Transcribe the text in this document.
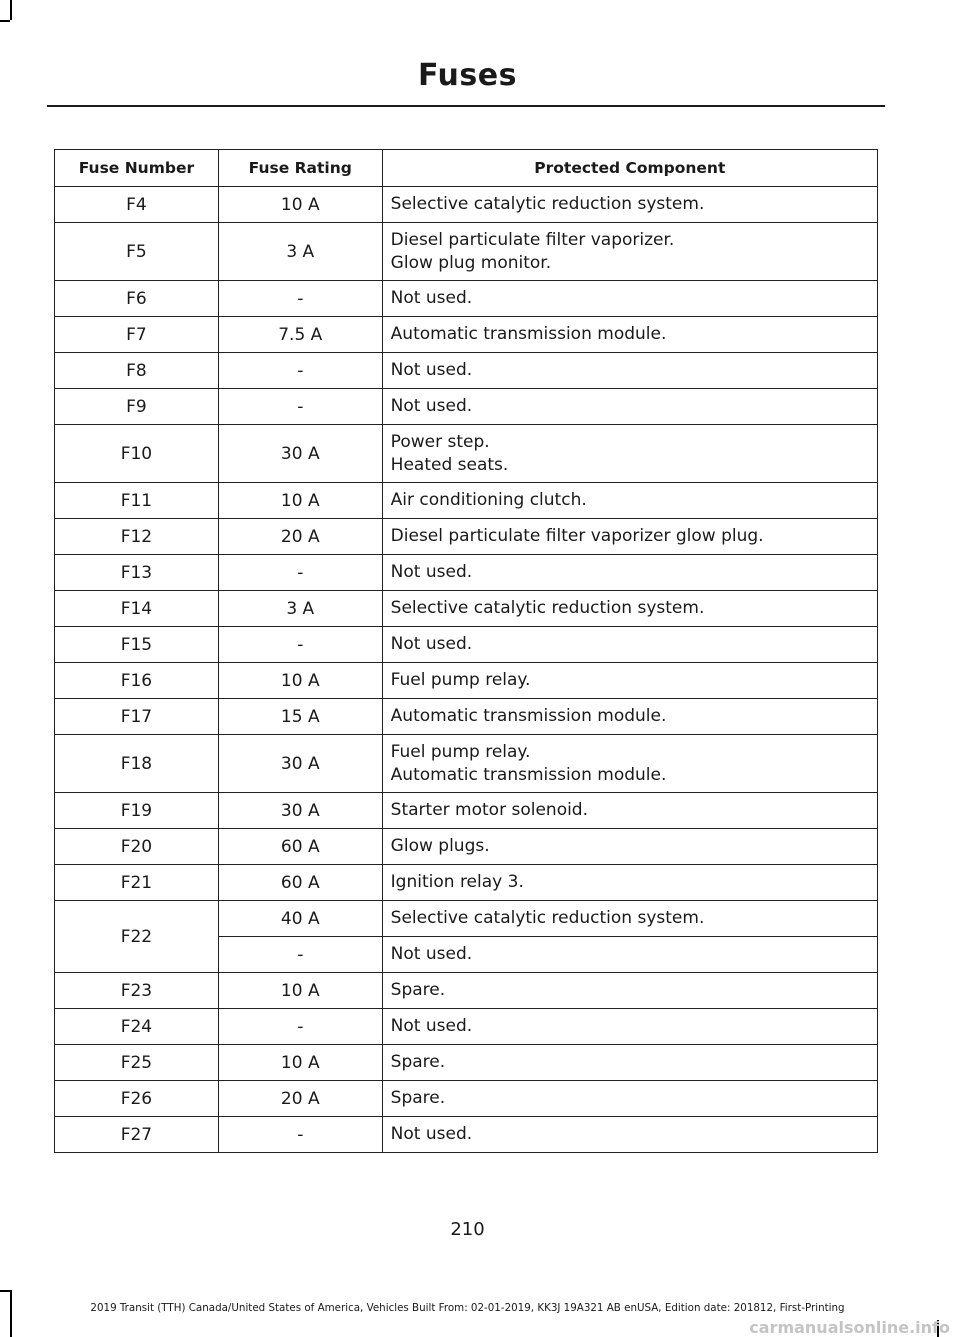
Fuses
Fuse Number	Fuse Rating	Protected Component
F4	10 A	Selective catalytic reduction system.

F5	3 A	Diesel particulate filter vaporizer.
Glow plug monitor.

F6	-	Not used.

F7	7.5 A	Automatic transmission module.

F8	-	Not used.

F9	-	Not used.

F10	30 A	Power step.
Heated seats.

F11	10 A	Air conditioning clutch.

F12	20 A	Diesel particulate filter vaporizer glow plug.

F13	-	Not used.

F14	3 A	Selective catalytic reduction system.

F15	-	Not used.

F16	10 A	Fuel pump relay.

F17	15 A	Automatic transmission module.

F18	30 A	Fuel pump relay.
Automatic transmission module.

F19	30 A	Starter motor solenoid.

F20	60 A	Glow plugs.

F21	60 A	Ignition relay 3.

F22	40 A	Selective catalytic reduction system.

	-	Not used.

F23	10 A	Spare.

F24	-	Not used.

F25	10 A	Spare.

F26	20 A	Spare.

F27	-	Not used.
210
2019 Transit (TTH) Canada/United States of America, Vehicles Built From: 02-01-2019, KK3J 19A321 AB enUSA, Edition date: 201812, First-Printing
carmanualsonline.info
